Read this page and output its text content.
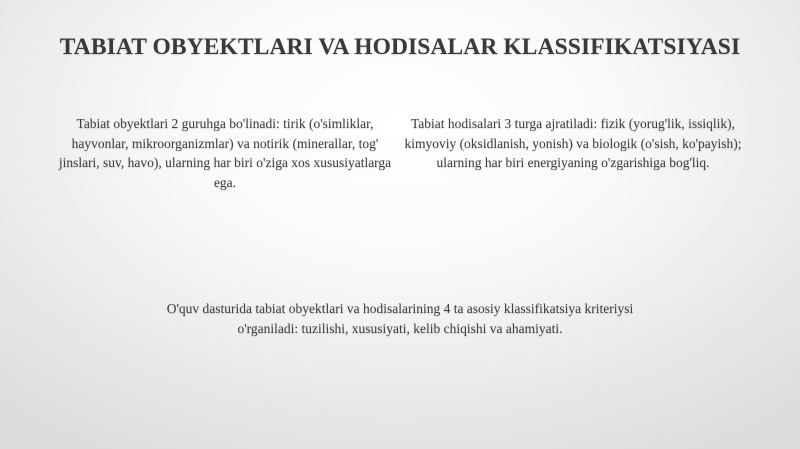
TABIAT OBYEKTLARI VA HODISALAR KLASSIFIKATSIYASI
Tabiat obyektlari 2 guruhga bo'linadi: tirik (o'simliklar, hayvonlar, mikroorganizmlar) va notirik (minerallar, tog' jinslari, suv, havo), ularning har biri o'ziga xos xususiyatlarga ega.
Tabiat hodisalari 3 turga ajratiladi: fizik (yorug'lik, issiqlik), kimyoviy (oksidlanish, yonish) va biologik (o'sish, ko'payish); ularning har biri energiyaning o'zgarishiga bog'liq.
O'quv dasturida tabiat obyektlari va hodisalarining 4 ta asosiy klassifikatsiya kriteriysi o'rganiladi: tuzilishi, xususiyati, kelib chiqishi va ahamiyati.
